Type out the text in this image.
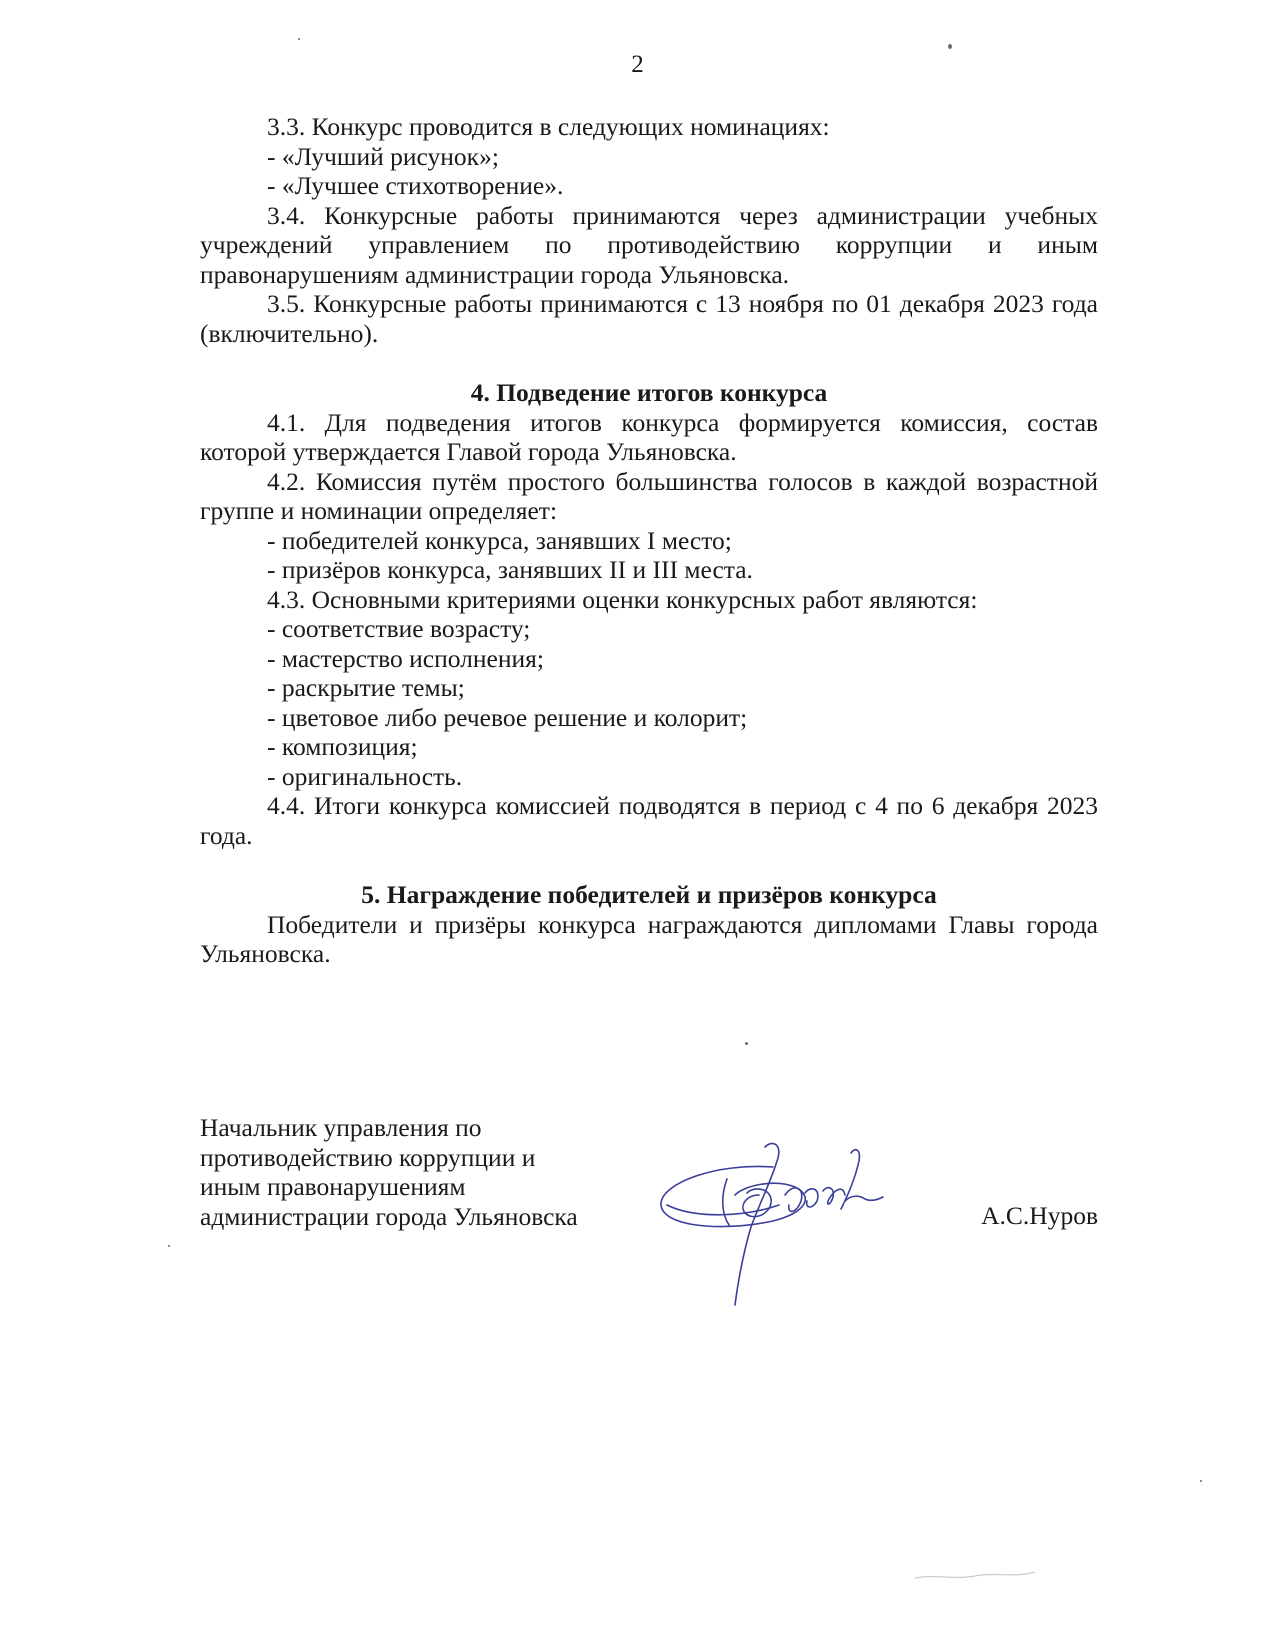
2

3.3. Конкурс проводится в следующих номинациях:

- «Лучший рисунок»;

- «Лучшее стихотворение».

3.4. Конкурсные работы принимаются через администрации учебных учреждений управлением по противодействию коррупции и иным правонарушениям администрации города Ульяновска.

3.5. Конкурсные работы принимаются с 13 ноября по 01 декабря 2023 года (включительно).

4. Подведение итогов конкурса

4.1. Для подведения итогов конкурса формируется комиссия, состав которой утверждается Главой города Ульяновска.

4.2. Комиссия путём простого большинства голосов в каждой возрастной группе и номинации определяет:

- победителей конкурса, занявших I место;

- призёров конкурса, занявших II и III места.

4.3. Основными критериями оценки конкурсных работ являются:

- соответствие возрасту;

- мастерство исполнения;

- раскрытие темы;

- цветовое либо речевое решение и колорит;

- композиция;

- оригинальность.

4.4. Итоги конкурса комиссией подводятся в период с 4 по 6 декабря 2023 года.

5. Награждение победителей и призёров конкурса

Победители и призёры конкурса награждаются дипломами Главы города Ульяновска.

Начальник управления по

противодействию коррупции и

иным правонарушениям

администрации города Ульяновска	А.С.Нуров
